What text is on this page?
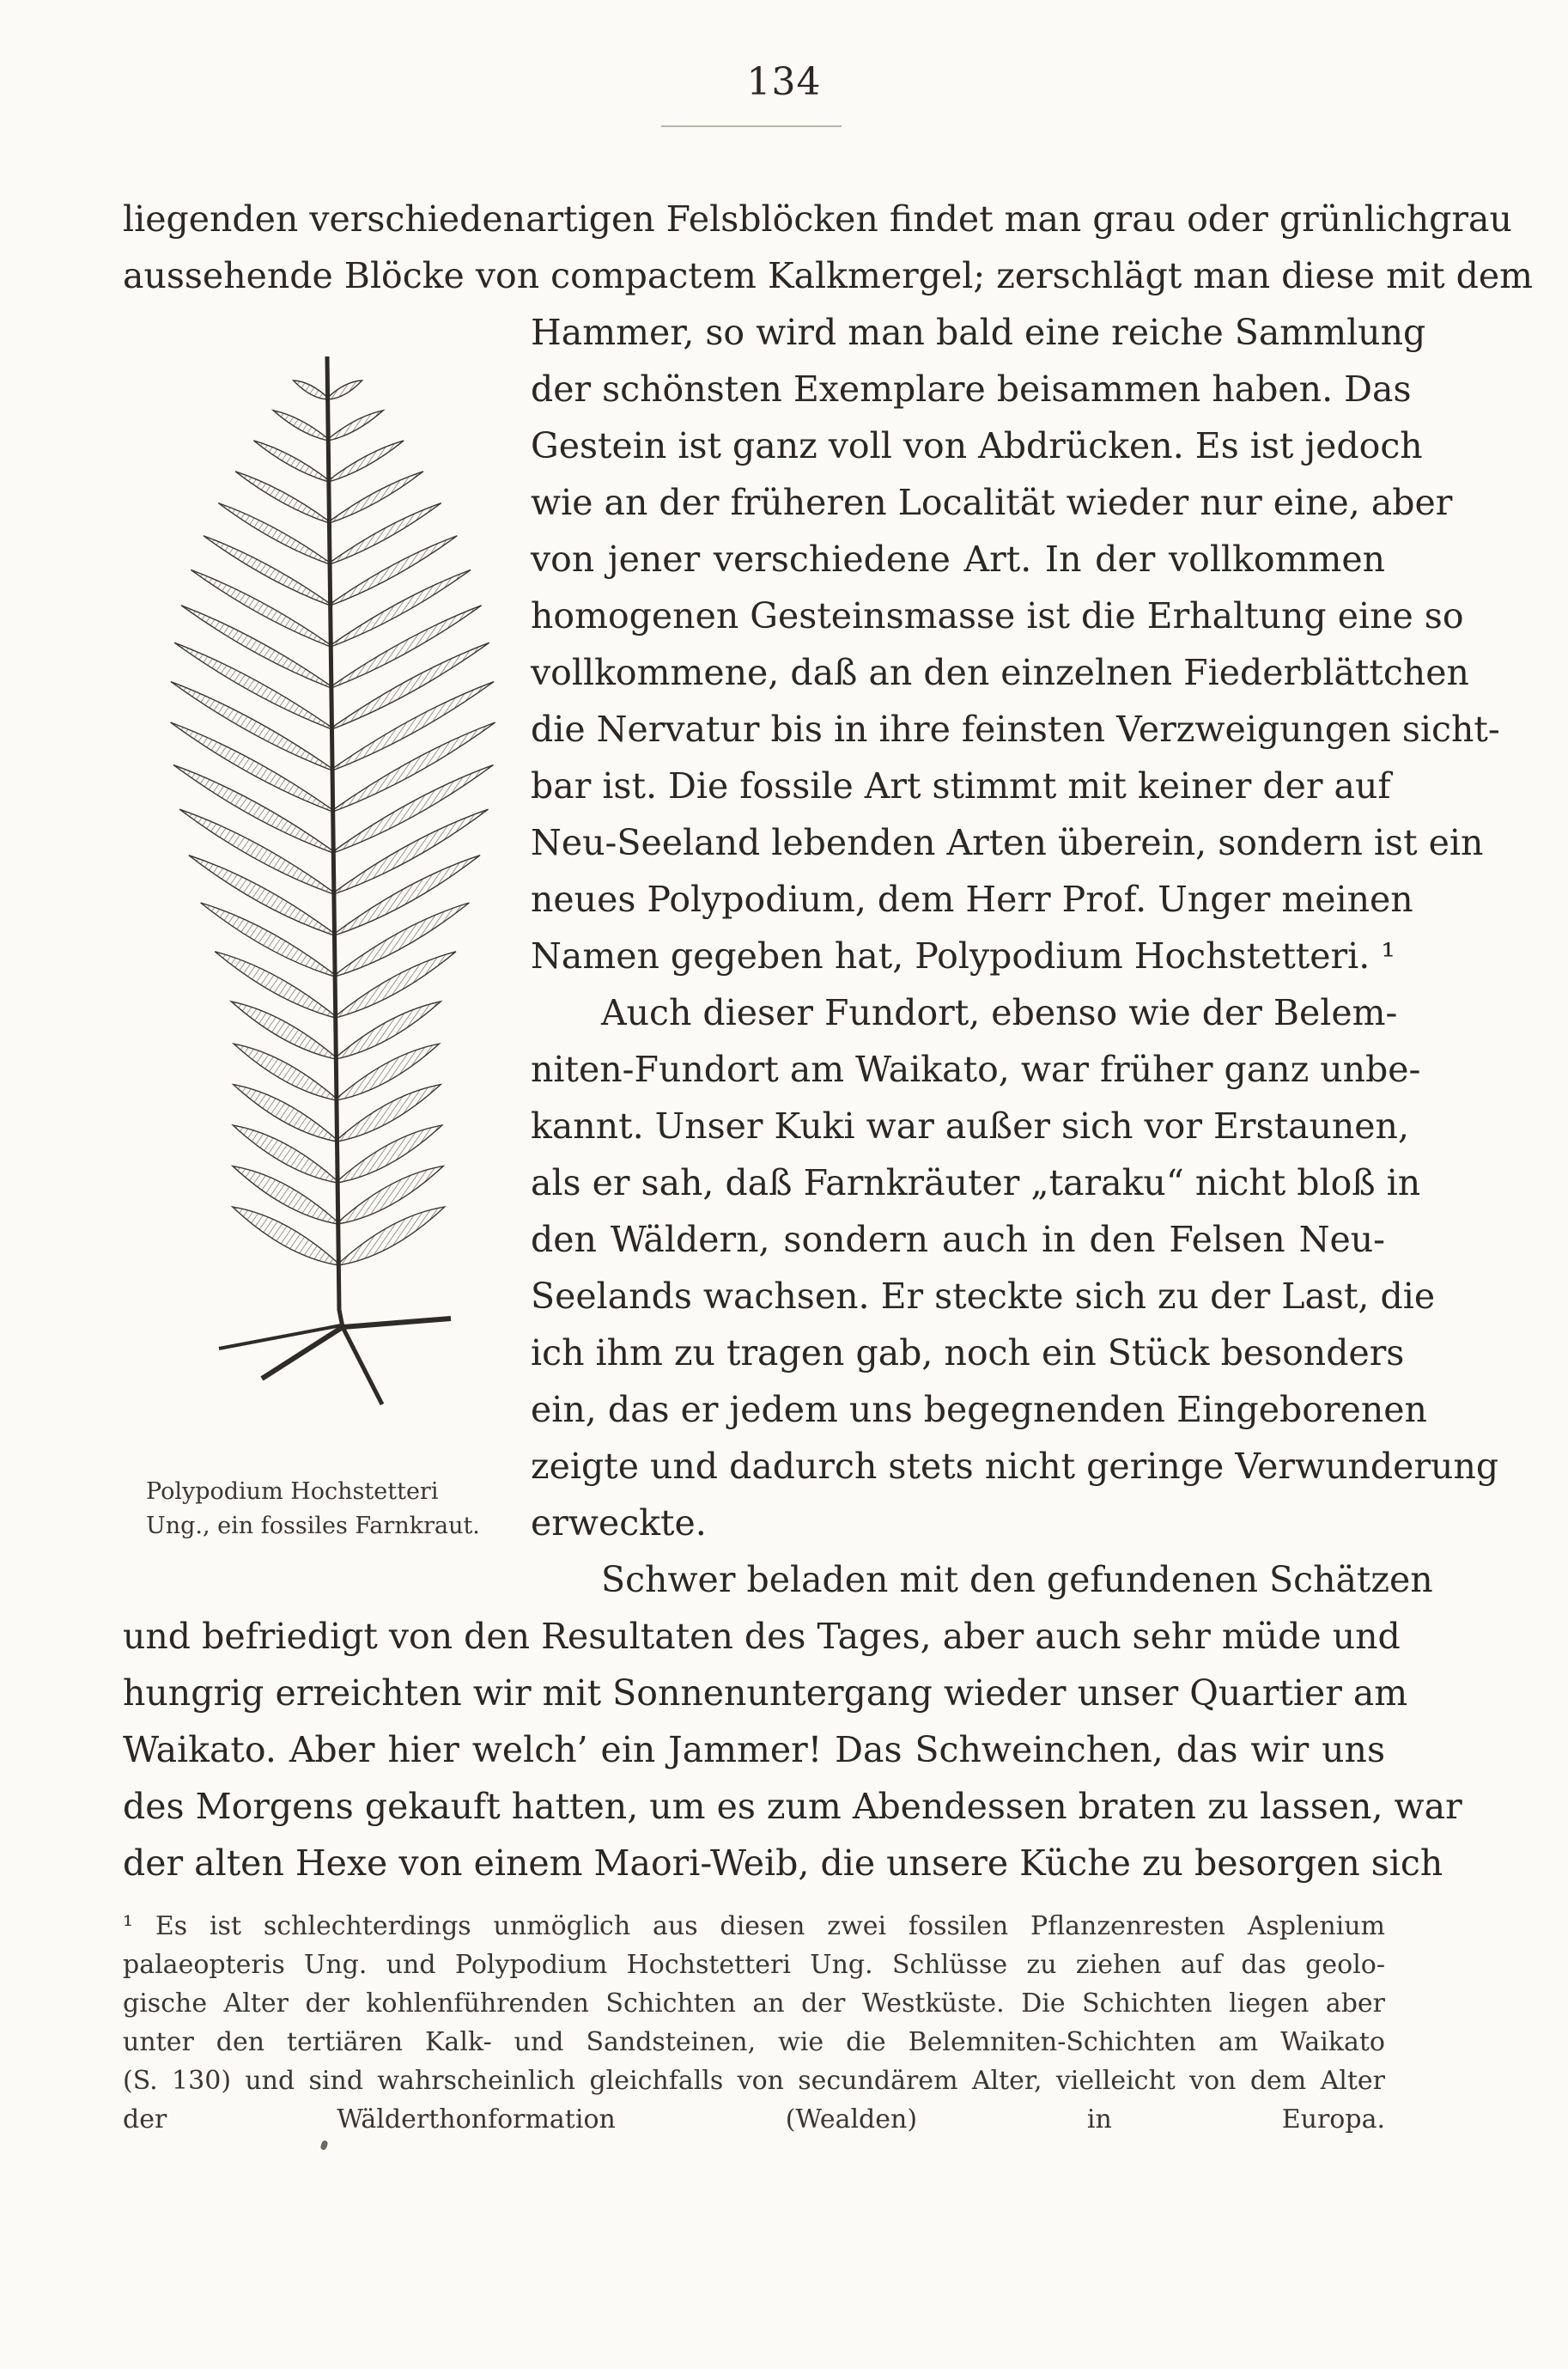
134
liegenden verschiedenartigen Felsblöcken findet man grau oder grünlichgrau
aussehende Blöcke von compactem Kalkmergel; zerschlägt man diese mit dem
Hammer, so wird man bald eine reiche Sammlung
der schönsten Exemplare beisammen haben. Das
Gestein ist ganz voll von Abdrücken. Es ist jedoch
wie an der früheren Localität wieder nur eine, aber
von jener verschiedene Art. In der vollkommen
homogenen Gesteinsmasse ist die Erhaltung eine so
vollkommene, daß an den einzelnen Fiederblättchen
die Nervatur bis in ihre feinsten Verzweigungen sicht-
bar ist. Die fossile Art stimmt mit keiner der auf
Neu-Seeland lebenden Arten überein, sondern ist ein
neues Polypodium, dem Herr Prof. Unger meinen
Namen gegeben hat, Polypodium Hochstetteri. ¹
Auch dieser Fundort, ebenso wie der Belem-
niten-Fundort am Waikato, war früher ganz unbe-
kannt. Unser Kuki war außer sich vor Erstaunen,
als er sah, daß Farnkräuter „taraku“ nicht bloß in
den Wäldern, sondern auch in den Felsen Neu-
Seelands wachsen. Er steckte sich zu der Last, die
ich ihm zu tragen gab, noch ein Stück besonders
ein, das er jedem uns begegnenden Eingeborenen
zeigte und dadurch stets nicht geringe Verwunderung
erweckte.
Schwer beladen mit den gefundenen Schätzen
und befriedigt von den Resultaten des Tages, aber auch sehr müde und
hungrig erreichten wir mit Sonnenuntergang wieder unser Quartier am
Waikato. Aber hier welch’ ein Jammer! Das Schweinchen, das wir uns
des Morgens gekauft hatten, um es zum Abendessen braten zu lassen, war
der alten Hexe von einem Maori-Weib, die unsere Küche zu besorgen sich
Polypodium Hochstetteri
Ung., ein fossiles Farnkraut.
¹ Es ist schlechterdings unmöglich aus diesen zwei fossilen Pflanzenresten Asplenium
palaeopteris Ung. und Polypodium Hochstetteri Ung. Schlüsse zu ziehen auf das geolo-
gische Alter der kohlenführenden Schichten an der Westküste. Die Schichten liegen aber
unter den tertiären Kalk- und Sandsteinen, wie die Belemniten-Schichten am Waikato
(S. 130) und sind wahrscheinlich gleichfalls von secundärem Alter, vielleicht von dem Alter
der Wälderthonformation (Wealden) in Europa.
